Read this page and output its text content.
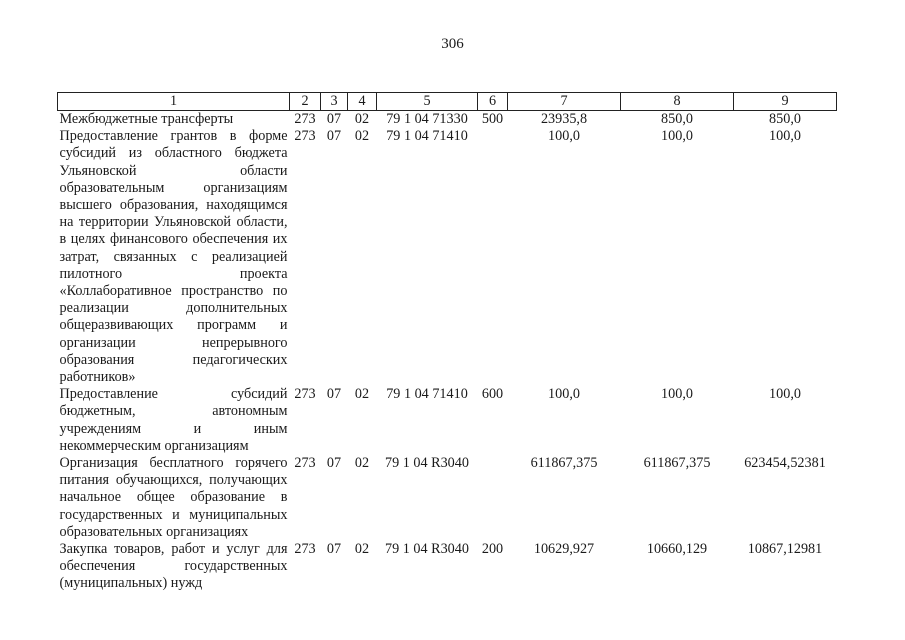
306
1	2	3	4	5	6	7	8	9
Межбюджетные трансферты	273	07	02	79 1 04 71330	500	23935,8	850,0	850,0
Предоставление грантов в форме субсидий из областного бюджета Ульяновской области образовательным организациям высшего образования, находящимся на территории Ульяновской области, в целях финансового обеспечения их затрат, связанных с реализацией пилотного проекта «Коллаборативное пространство по реализации дополнительных общеразвивающих программ и организации непрерывного образования педагогических работников»	273	07	02	79 1 04 71410		100,0	100,0	100,0
Предоставление субсидий бюджетным, автономным учреждениям и иным некоммерческим организациям	273	07	02	79 1 04 71410	600	100,0	100,0	100,0
Организация бесплатного горячего питания обучающихся, получающих начальное общее образование в государственных и муниципальных образовательных организациях	273	07	02	79 1 04 R3040		611867,375	611867,375	623454,52381
Закупка товаров, работ и услуг для обеспечения государственных (муниципальных) нужд	273	07	02	79 1 04 R3040	200	10629,927	10660,129	10867,12981
